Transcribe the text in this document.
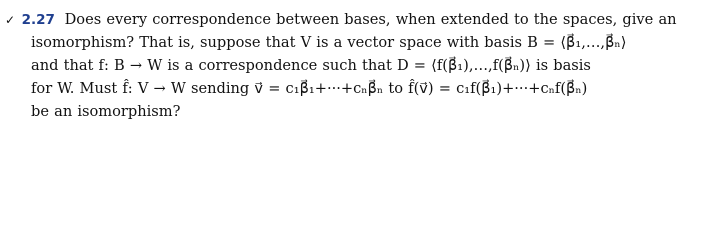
✓ 2.27 Does every correspondence between bases, when extended to the spaces, give an
isomorphism? That is, suppose that V is a vector space with basis B = ⟨β⃗₁,…,β⃗ₙ⟩
and that f: B → W is a correspondence such that D = ⟨f(β⃗₁),…,f(β⃗ₙ)⟩ is basis
for W. Must f̂: V → W sending v⃗ = c₁β⃗₁+···+cₙβ⃗ₙ to f̂(v⃗) = c₁f(β⃗₁)+···+cₙf(β⃗ₙ)
be an isomorphism?
